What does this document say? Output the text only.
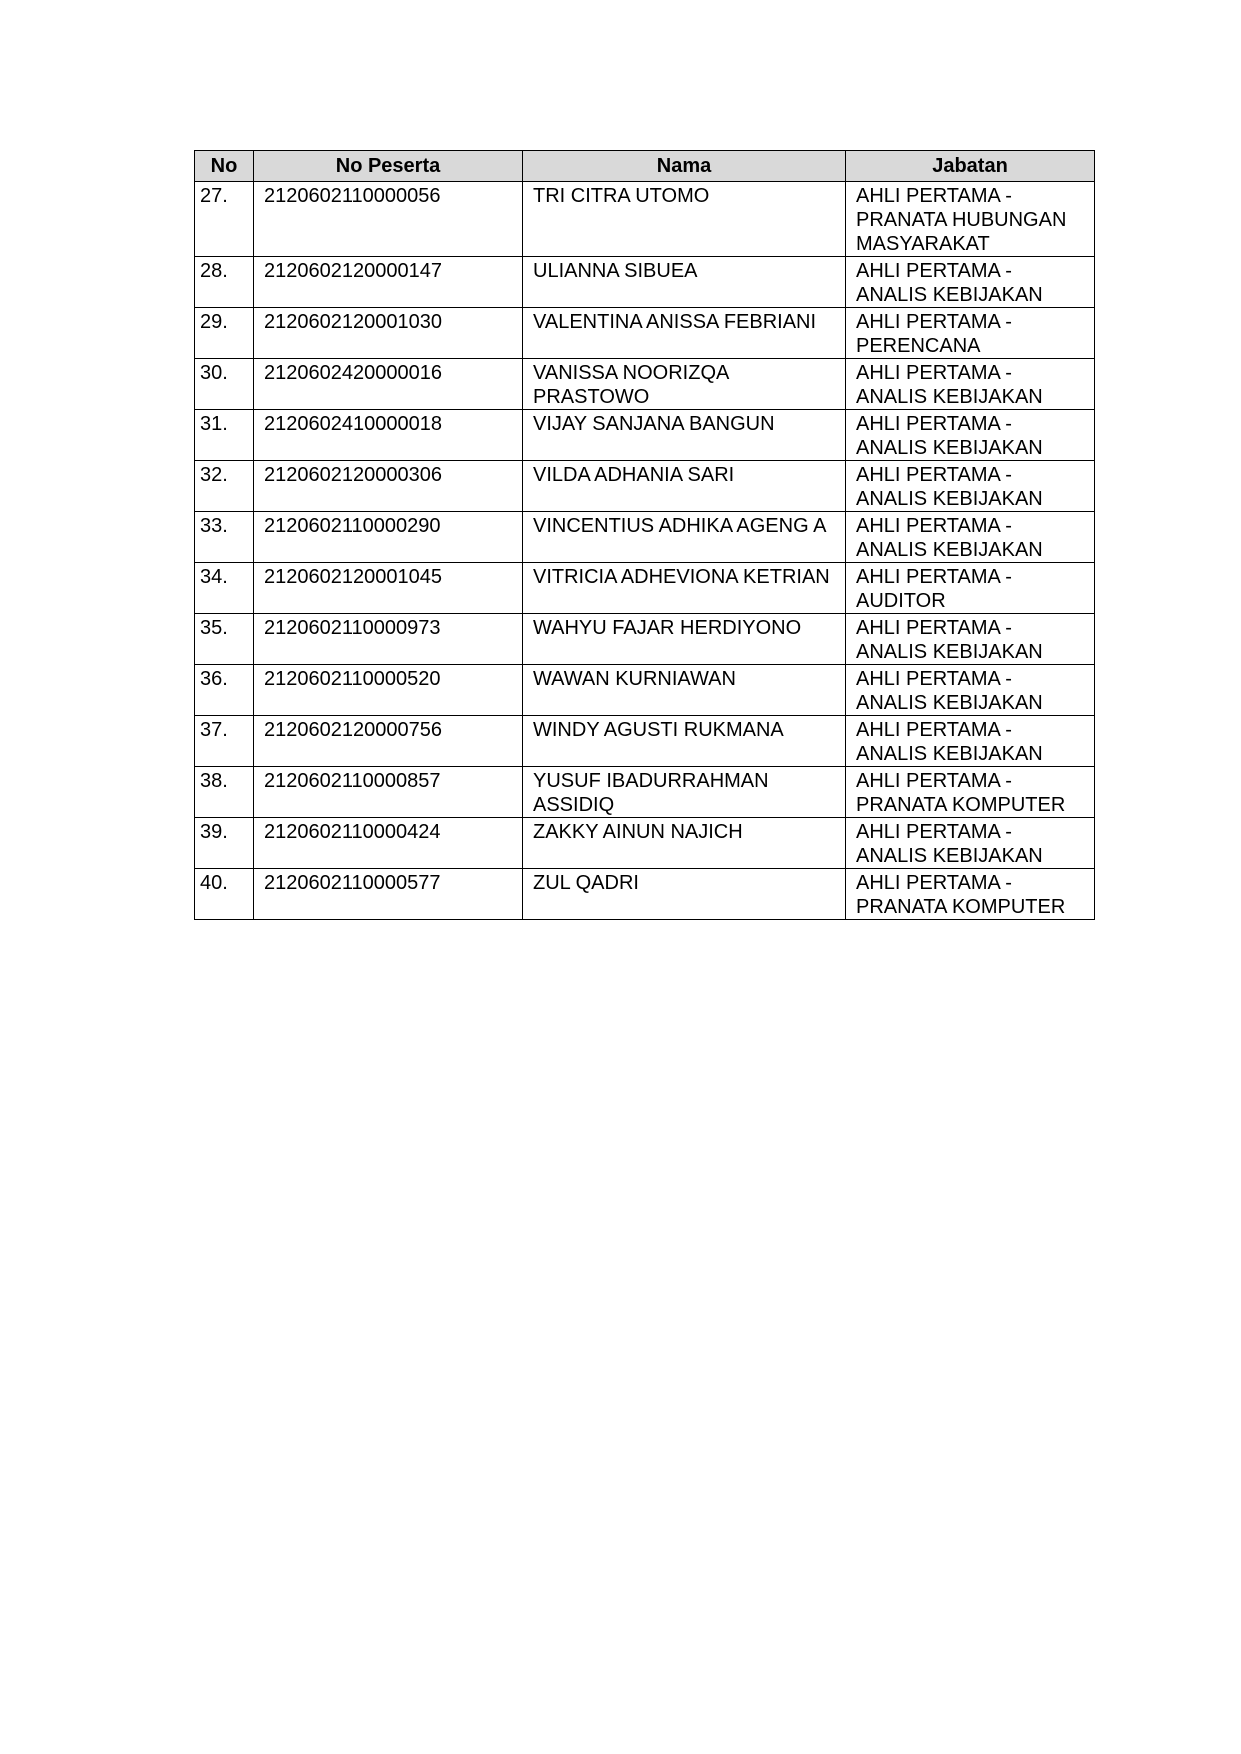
No	No Peserta	Nama	Jabatan
27.	2120602110000056	TRI CITRA UTOMO	AHLI PERTAMA -
PRANATA HUBUNGAN MASYARAKAT

28.	2120602120000147	ULIANNA SIBUEA	AHLI PERTAMA -
ANALIS KEBIJAKAN

29.	2120602120001030	VALENTINA ANISSA FEBRIANI	AHLI PERTAMA -
PERENCANA

30.	2120602420000016	VANISSA NOORIZQA PRASTOWO	AHLI PERTAMA -
ANALIS KEBIJAKAN

31.	2120602410000018	VIJAY SANJANA BANGUN	AHLI PERTAMA -
ANALIS KEBIJAKAN

32.	2120602120000306	VILDA ADHANIA SARI	AHLI PERTAMA -
ANALIS KEBIJAKAN

33.	2120602110000290	VINCENTIUS ADHIKA AGENG A	AHLI PERTAMA -
ANALIS KEBIJAKAN

34.	2120602120001045	VITRICIA ADHEVIONA KETRIAN	AHLI PERTAMA -
AUDITOR

35.	2120602110000973	WAHYU FAJAR HERDIYONO	AHLI PERTAMA -
ANALIS KEBIJAKAN

36.	2120602110000520	WAWAN KURNIAWAN	AHLI PERTAMA -
ANALIS KEBIJAKAN

37.	2120602120000756	WINDY AGUSTI RUKMANA	AHLI PERTAMA -
ANALIS KEBIJAKAN

38.	2120602110000857	YUSUF IBADURRAHMAN ASSIDIQ	AHLI PERTAMA -
PRANATA KOMPUTER

39.	2120602110000424	ZAKKY AINUN NAJICH	AHLI PERTAMA -
ANALIS KEBIJAKAN

40.	2120602110000577	ZUL QADRI	AHLI PERTAMA -
PRANATA KOMPUTER
